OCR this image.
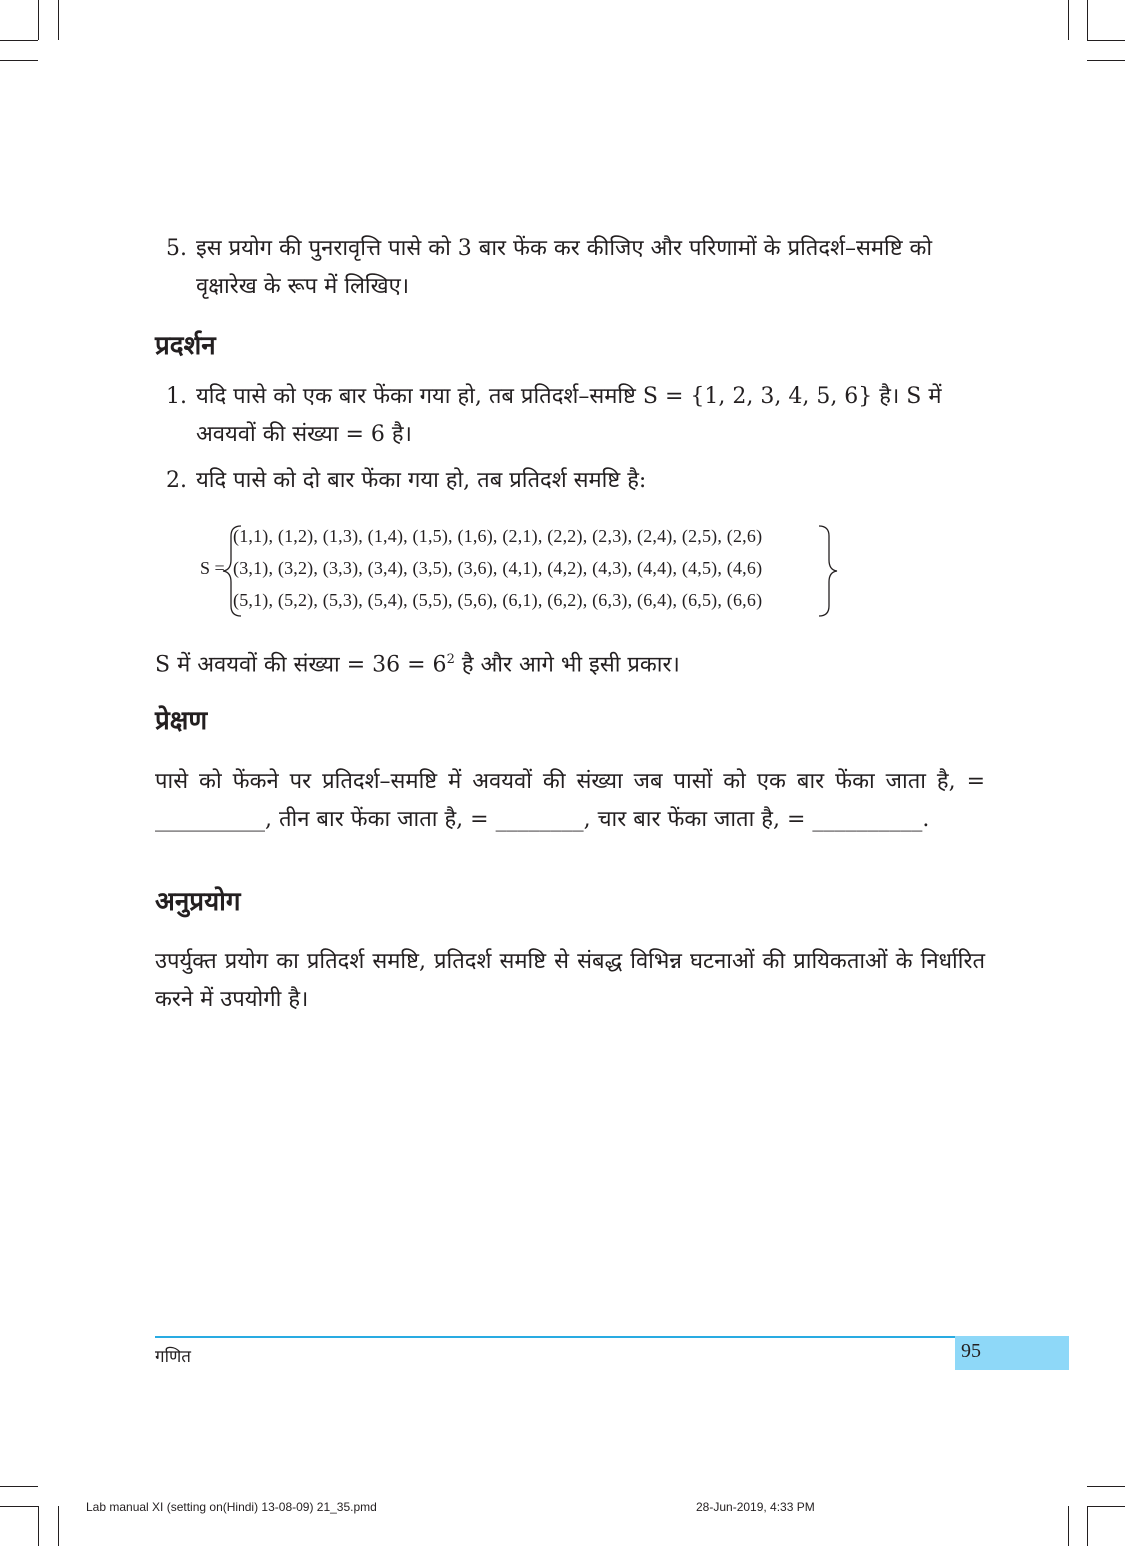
5. इस प्रयोग की पुनरावृत्ति पासे को 3 बार फेंक कर कीजिए और परिणामों के प्रतिदर्श–समष्टि को वृक्षारेख के रूप में लिखिए।
प्रदर्शन
1. यदि पासे को एक बार फेंका गया हो, तब प्रतिदर्श–समष्टि S = {1, 2, 3, 4, 5, 6} है। S में अवयवों की संख्या = 6 है।
2. यदि पासे को दो बार फेंका गया हो, तब प्रतिदर्श समष्टि है:
S =
(1,1), (1,2), (1,3), (1,4), (1,5), (1,6), (2,1), (2,2), (2,3), (2,4), (2,5), (2,6)
(3,1), (3,2), (3,3), (3,4), (3,5), (3,6), (4,1), (4,2), (4,3), (4,4), (4,5), (4,6)
(5,1), (5,2), (5,3), (5,4), (5,5), (5,6), (6,1), (6,2), (6,3), (6,4), (6,5), (6,6)
S में अवयवों की संख्या = $36 = 6^2$ है और आगे भी इसी प्रकार।
प्रेक्षण

पासे को फेंकने पर प्रतिदर्श–समष्टि में अवयवों की संख्या जब पासों को एक बार फेंका जाता है, = __________, तीन बार फेंका जाता है, = ________, चार बार फेंका जाता है, = __________.

अनुप्रयोग

उपर्युक्त प्रयोग का प्रतिदर्श समष्टि, प्रतिदर्श समष्टि से संबद्ध विभिन्न घटनाओं की प्रायिकताओं के निर्धारित करने में उपयोगी है।

95
गणित
Lab manual XI (setting on(Hindi) 13-08-09) 21_35.pmd	28-Jun-2019, 4:33 PM
